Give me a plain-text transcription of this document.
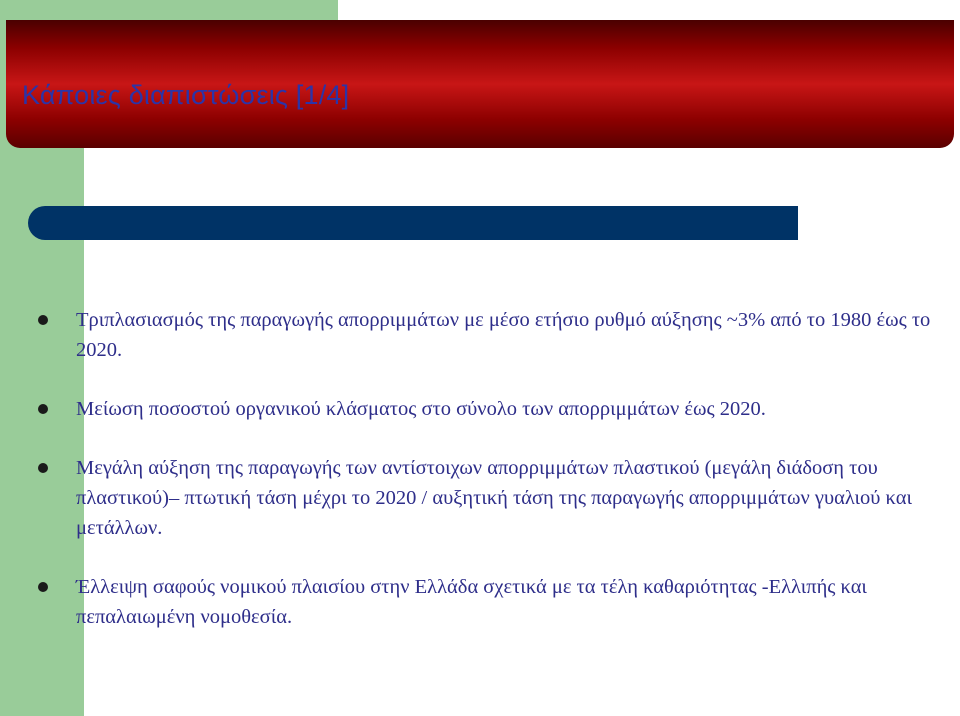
Κάποιες διαπιστώσεις [1/4]
Τριπλασιασμός της παραγωγής απορριμμάτων με μέσο ετήσιο ρυθμό αύξησης ~3% από το 1980 έως το 2020.
Μείωση ποσοστού οργανικού κλάσματος στο σύνολο των απορριμμάτων έως 2020.
Μεγάλη αύξηση της παραγωγής των αντίστοιχων απορριμμάτων πλαστικού (μεγάλη διάδοση του πλαστικού)– πτωτική τάση μέχρι το 2020 / αυξητική τάση της παραγωγής απορριμμάτων γυαλιού και μετάλλων.
Έλλειψη σαφούς νομικού πλαισίου στην Ελλάδα σχετικά με τα τέλη καθαριότητας -Ελλιπής και πεπαλαιωμένη νομοθεσία.
